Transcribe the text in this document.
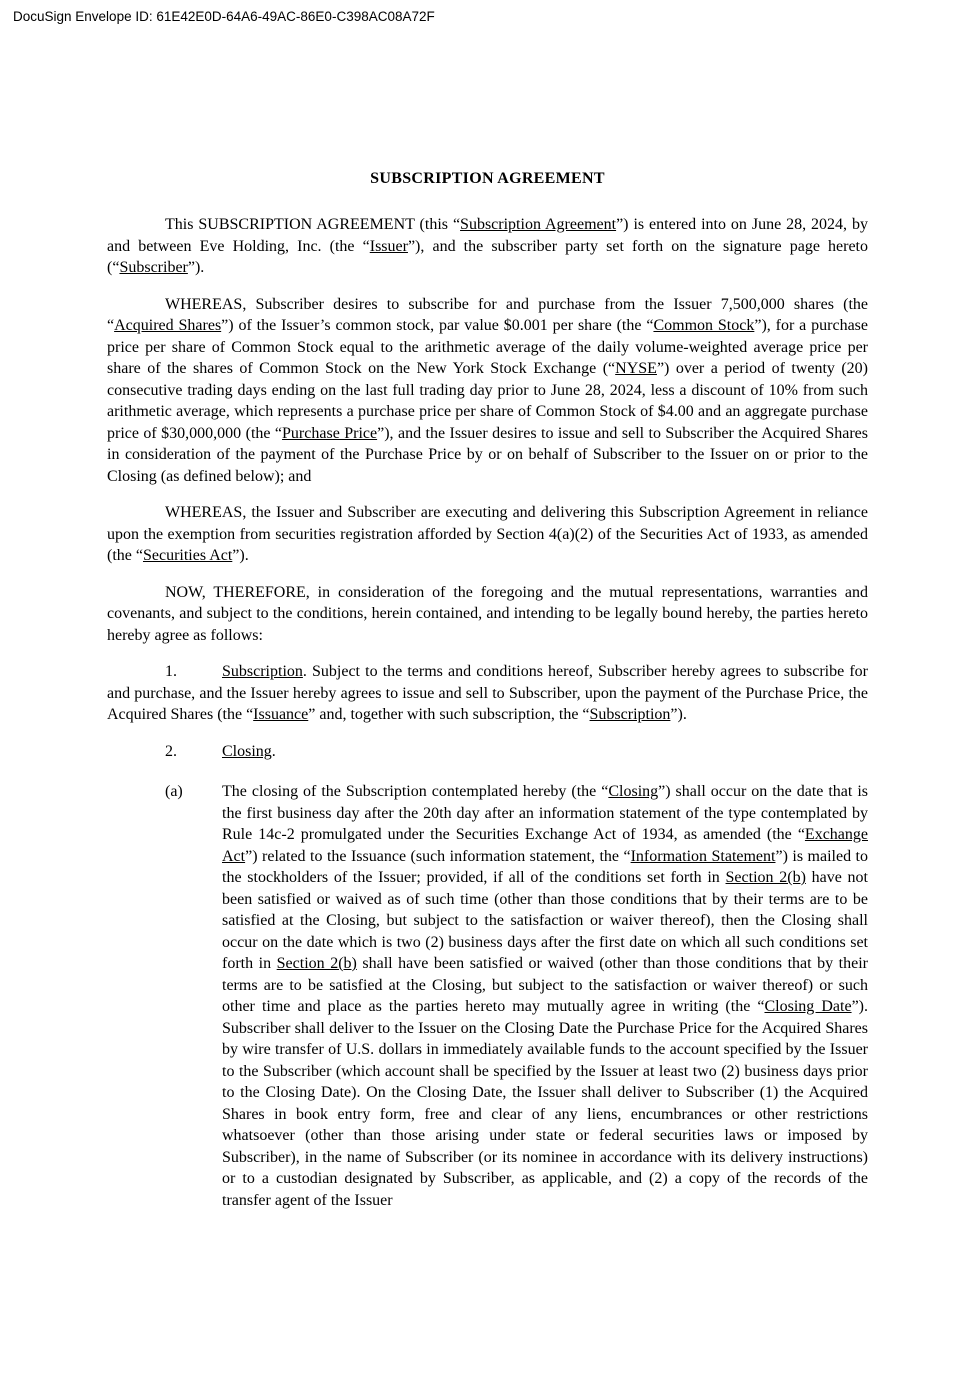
DocuSign Envelope ID: 61E42E0D-64A6-49AC-86E0-C398AC08A72F
SUBSCRIPTION AGREEMENT

This SUBSCRIPTION AGREEMENT (this “Subscription Agreement”) is entered into on June 28, 2024, by and between Eve Holding, Inc. (the “Issuer”), and the subscriber party set forth on the signature page hereto (“Subscriber”).

WHEREAS, Subscriber desires to subscribe for and purchase from the Issuer 7,500,000 shares (the “Acquired Shares”) of the Issuer’s common stock, par value $0.001 per share (the “Common Stock”), for a purchase price per share of Common Stock equal to the arithmetic average of the daily volume-weighted average price per share of the shares of Common Stock on the New York Stock Exchange (“NYSE”) over a period of twenty (20) consecutive trading days ending on the last full trading day prior to June 28, 2024, less a discount of 10% from such arithmetic average, which represents a purchase price per share of Common Stock of $4.00 and an aggregate purchase price of $30,000,000 (the “Purchase Price”), and the Issuer desires to issue and sell to Subscriber the Acquired Shares in consideration of the payment of the Purchase Price by or on behalf of Subscriber to the Issuer on or prior to the Closing (as defined below); and

WHEREAS, the Issuer and Subscriber are executing and delivering this Subscription Agreement in reliance upon the exemption from securities registration afforded by Section 4(a)(2) of the Securities Act of 1933, as amended (the “Securities Act”).

NOW, THEREFORE, in consideration of the foregoing and the mutual representations, warranties and covenants, and subject to the conditions, herein contained, and intending to be legally bound hereby, the parties hereto hereby agree as follows:

1.	Subscription. Subject to the terms and conditions hereof, Subscriber hereby agrees to subscribe for and purchase, and the Issuer hereby agrees to issue and sell to Subscriber, upon the payment of the Purchase Price, the Acquired Shares (the “Issuance” and, together with such subscription, the “Subscription”).

2.	Closing.

(a) The closing of the Subscription contemplated hereby (the “Closing”) shall occur on the date that is the first business day after the 20th day after an information statement of the type contemplated by Rule 14c-2 promulgated under the Securities Exchange Act of 1934, as amended (the “Exchange Act”) related to the Issuance (such information statement, the “Information Statement”) is mailed to the stockholders of the Issuer; provided, if all of the conditions set forth in Section 2(b) have not been satisfied or waived as of such time (other than those conditions that by their terms are to be satisfied at the Closing, but subject to the satisfaction or waiver thereof), then the Closing shall occur on the date which is two (2) business days after the first date on which all such conditions set forth in Section 2(b) shall have been satisfied or waived (other than those conditions that by their terms are to be satisfied at the Closing, but subject to the satisfaction or waiver thereof) or such other time and place as the parties hereto may mutually agree in writing (the “Closing Date”). Subscriber shall deliver to the Issuer on the Closing Date the Purchase Price for the Acquired Shares by wire transfer of U.S. dollars in immediately available funds to the account specified by the Issuer to the Subscriber (which account shall be specified by the Issuer at least two (2) business days prior to the Closing Date). On the Closing Date, the Issuer shall deliver to Subscriber (1) the Acquired Shares in book entry form, free and clear of any liens, encumbrances or other restrictions whatsoever (other than those arising under state or federal securities laws or imposed by Subscriber), in the name of Subscriber (or its nominee in accordance with its delivery instructions) or to a custodian designated by Subscriber, as applicable, and (2) a copy of the records of the transfer agent of the Issuer
